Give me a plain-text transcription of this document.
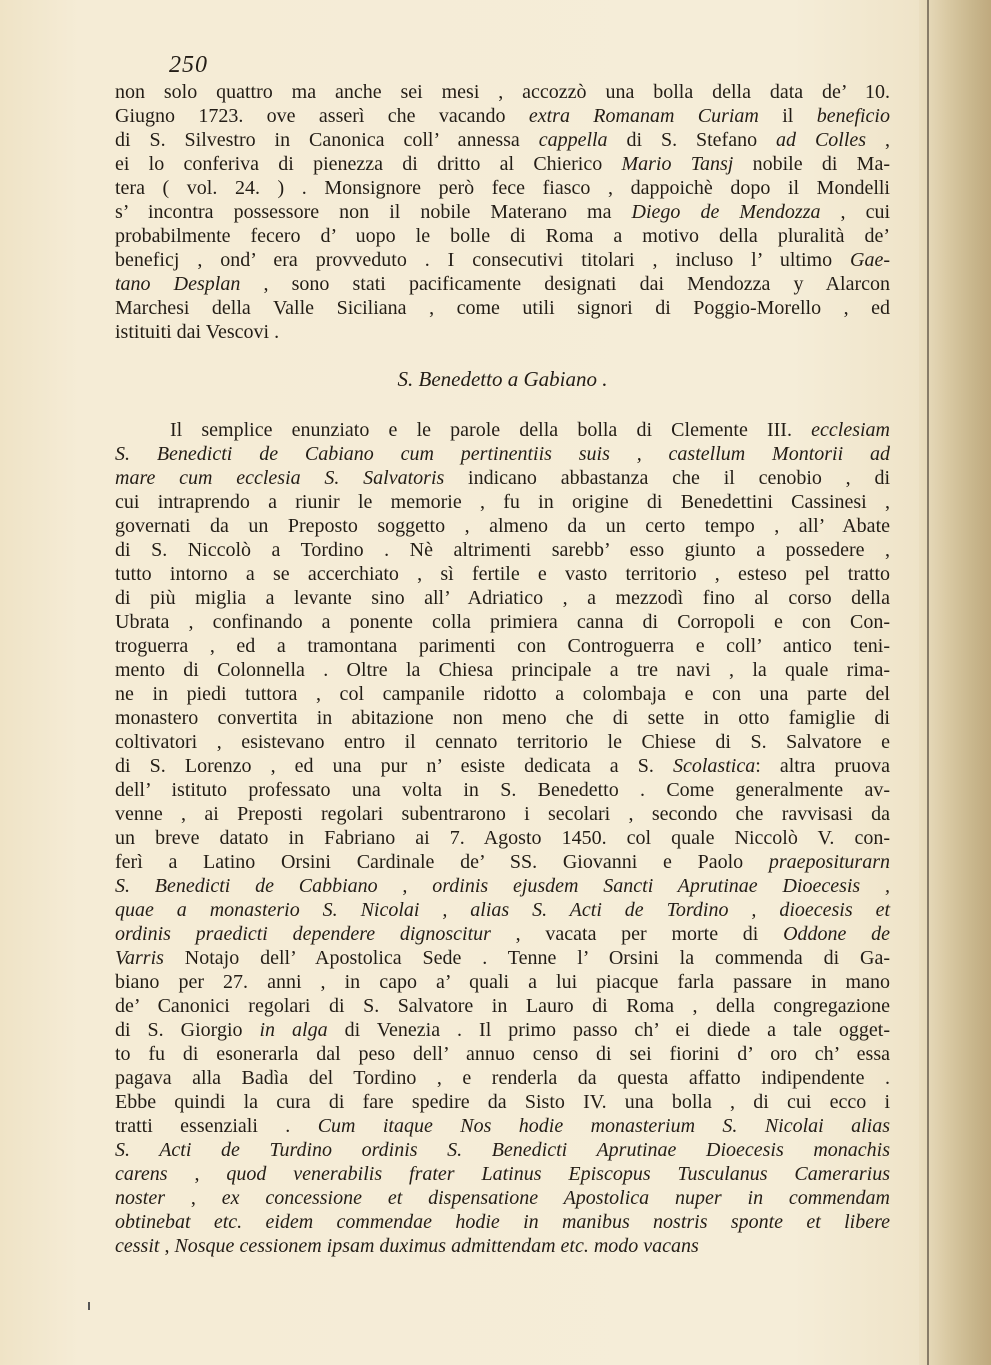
250
non solo quattro ma anche sei mesi , accozzò una bolla della data de’ 10.
Giugno 1723. ove asserì che vacando extra Romanam Curiam il beneficio
di S. Silvestro in Canonica coll’ annessa cappella di S. Stefano ad Colles ,
ei lo conferiva di pienezza di dritto al Chierico Mario Tansj nobile di Ma-
tera ( vol. 24. ) . Monsignore però fece fiasco , dappoichè dopo il Mondelli
s’ incontra possessore non il nobile Materano ma Diego de Mendozza , cui
probabilmente fecero d’ uopo le bolle di Roma a motivo della pluralità de’
beneficj , ond’ era provveduto . I consecutivi titolari , incluso l’ ultimo Gae-
tano Desplan , sono stati pacificamente designati dai Mendozza y Alarcon
Marchesi della Valle Siciliana , come utili signori di Poggio-Morello , ed
istituiti dai Vescovi .
S. Benedetto a Gabiano .
Il semplice enunziato e le parole della bolla di Clemente III. ecclesiam
S. Benedicti de Cabiano cum pertinentiis suis , castellum Montorii ad
mare cum ecclesia S. Salvatoris indicano abbastanza che il cenobio , di
cui intraprendo a riunir le memorie , fu in origine di Benedettini Cassinesi ,
governati da un Preposto soggetto , almeno da un certo tempo , all’ Abate
di S. Niccolò a Tordino . Nè altrimenti sarebb’ esso giunto a possedere ,
tutto intorno a se accerchiato , sì fertile e vasto territorio , esteso pel tratto
di più miglia a levante sino all’ Adriatico , a mezzodì fino al corso della
Ubrata , confinando a ponente colla primiera canna di Corropoli e con Con-
troguerra , ed a tramontana parimenti con Controguerra e coll’ antico teni-
mento di Colonnella . Oltre la Chiesa principale a tre navi , la quale rima-
ne in piedi tuttora , col campanile ridotto a colombaja e con una parte del
monastero convertita in abitazione non meno che di sette in otto famiglie di
coltivatori , esistevano entro il cennato territorio le Chiese di S. Salvatore e
di S. Lorenzo , ed una pur n’ esiste dedicata a S. Scolastica: altra pruova
dell’ istituto professato una volta in S. Benedetto . Come generalmente av-
venne , ai Preposti regolari subentrarono i secolari , secondo che ravvisasi da
un breve datato in Fabriano ai 7. Agosto 1450. col quale Niccolò V. con-
ferì a Latino Orsini Cardinale de’ SS. Giovanni e Paolo praepositurarn
S. Benedicti de Cabbiano , ordinis ejusdem Sancti Aprutinae Dioecesis ,
quae a monasterio S. Nicolai , alias S. Acti de Tordino , dioecesis et
ordinis praedicti dependere dignoscitur , vacata per morte di Oddone de
Varris Notajo dell’ Apostolica Sede . Tenne l’ Orsini la commenda di Ga-
biano per 27. anni , in capo a’ quali a lui piacque farla passare in mano
de’ Canonici regolari di S. Salvatore in Lauro di Roma , della congregazione
di S. Giorgio in alga di Venezia . Il primo passo ch’ ei diede a tale ogget-
to fu di esonerarla dal peso dell’ annuo censo di sei fiorini d’ oro ch’ essa
pagava alla Badìa del Tordino , e renderla da questa affatto indipendente .
Ebbe quindi la cura di fare spedire da Sisto IV. una bolla , di cui ecco i
tratti essenziali . Cum itaque Nos hodie monasterium S. Nicolai alias
S. Acti de Turdino ordinis S. Benedicti Aprutinae Dioecesis monachis
carens , quod venerabilis frater Latinus Episcopus Tusculanus Camerarius
noster , ex concessione et dispensatione Apostolica nuper in commendam
obtinebat etc. eidem commendae hodie in manibus nostris sponte et libere
cessit , Nosque cessionem ipsam duximus admittendam etc. modo vacans
